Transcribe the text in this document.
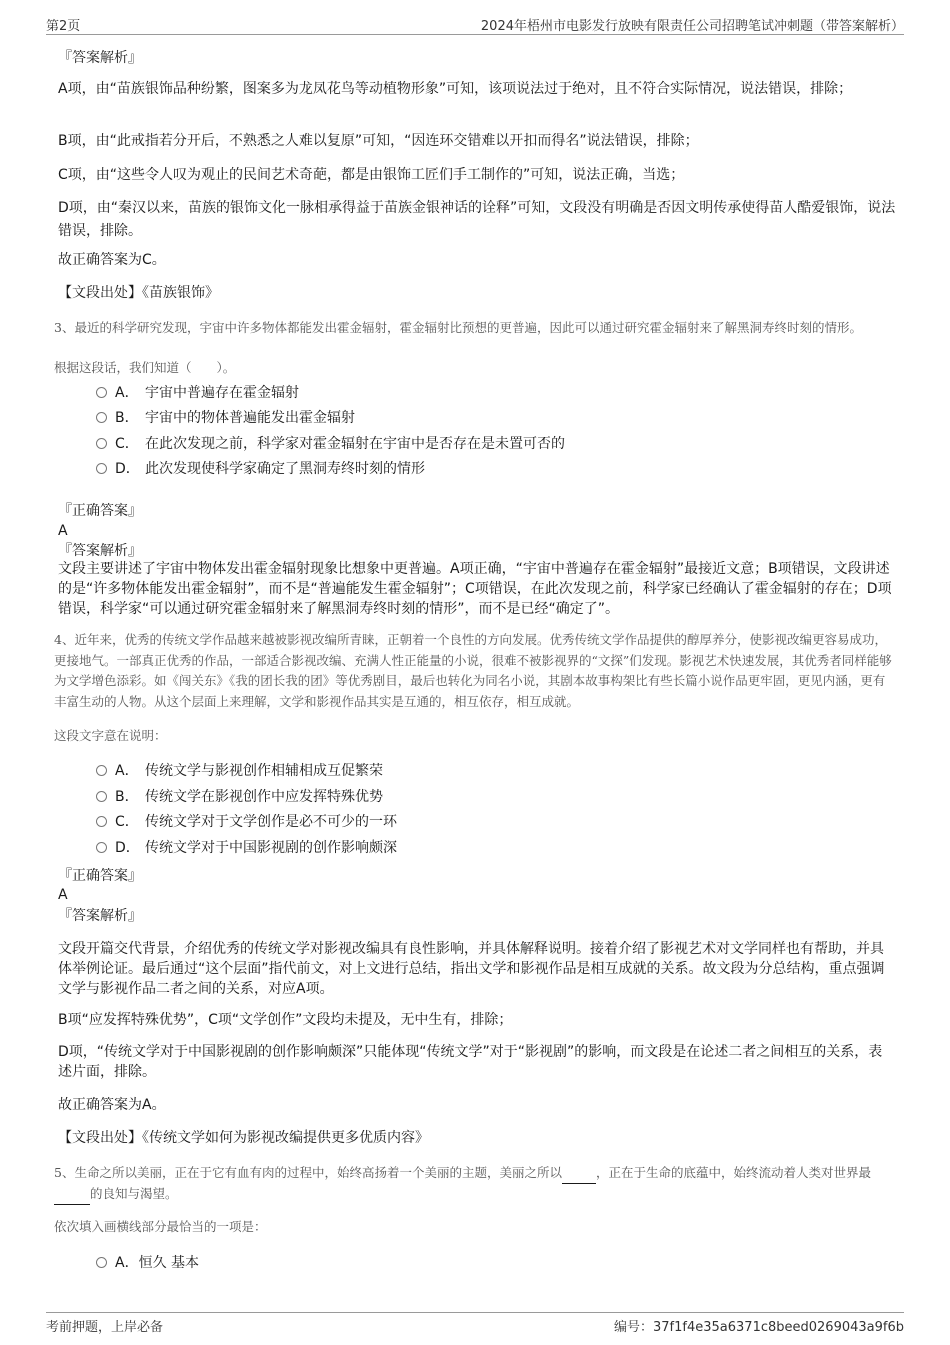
第2页	2024年梧州市电影发行放映有限责任公司招聘笔试冲刺题（带答案解析）
『答案解析』
A项，由“苗族银饰品种纷繁，图案多为龙凤花鸟等动植物形象”可知，该项说法过于绝对，且不符合实际情况，说法错误，排除；
B项，由“此戒指若分开后，不熟悉之人难以复原”可知，“因连环交错难以开扣而得名”说法错误，排除；
C项，由“这些令人叹为观止的民间艺术奇葩，都是由银饰工匠们手工制作的”可知，说法正确，当选；
D项，由“秦汉以来，苗族的银饰文化一脉相承得益于苗族金银神话的诠释”可知，文段没有明确是否因文明传承使得苗人酷爱银饰，说法错误，排除。
故正确答案为C。
【文段出处】《苗族银饰》
3、最近的科学研究发现，宇宙中许多物体都能发出霍金辐射，霍金辐射比预想的更普遍，因此可以通过研究霍金辐射来了解黑洞寿终时刻的情形。
根据这段话，我们知道（　　）。
A． 宇宙中普遍存在霍金辐射
B． 宇宙中的物体普遍能发出霍金辐射
C． 在此次发现之前，科学家对霍金辐射在宇宙中是否存在是未置可否的
D． 此次发现使科学家确定了黑洞寿终时刻的情形
『正确答案』
A
『答案解析』
文段主要讲述了宇宙中物体发出霍金辐射现象比想象中更普遍。A项正确，“宇宙中普遍存在霍金辐射”最接近文意；B项错误，文段讲述的是“许多物体能发出霍金辐射”，而不是“普遍能发生霍金辐射”；C项错误，在此次发现之前，科学家已经确认了霍金辐射的存在；D项错误，科学家“可以通过研究霍金辐射来了解黑洞寿终时刻的情形”，而不是已经“确定了”。
4、近年来，优秀的传统文学作品越来越被影视改编所青睐，正朝着一个良性的方向发展。优秀传统文学作品提供的醇厚养分，使影视改编更容易成功，更接地气。一部真正优秀的作品，一部适合影视改编、充满人性正能量的小说，很难不被影视界的“文探”们发现。影视艺术快速发展，其优秀者同样能够为文学增色添彩。如《闯关东》《我的团长我的团》等优秀剧目，最后也转化为同名小说，其剧本故事构架比有些长篇小说作品更牢固，更见内涵，更有丰富生动的人物。从这个层面上来理解，文学和影视作品其实是互通的，相互依存，相互成就。
这段文字意在说明：
A． 传统文学与影视创作相辅相成互促繁荣
B． 传统文学在影视创作中应发挥特殊优势
C． 传统文学对于文学创作是必不可少的一环
D． 传统文学对于中国影视剧的创作影响颇深
『正确答案』
A
『答案解析』
文段开篇交代背景，介绍优秀的传统文学对影视改编具有良性影响，并具体解释说明。接着介绍了影视艺术对文学同样也有帮助，并具体举例论证。最后通过“这个层面”指代前文，对上文进行总结，指出文学和影视作品是相互成就的关系。故文段为分总结构，重点强调文学与影视作品二者之间的关系，对应A项。
B项“应发挥特殊优势”，C项“文学创作”文段均未提及，无中生有，排除；
D项，“传统文学对于中国影视剧的创作影响颇深”只能体现“传统文学”对于“影视剧”的影响，而文段是在论述二者之间相互的关系，表述片面，排除。
故正确答案为A。
【文段出处】《传统文学如何为影视改编提供更多优质内容》
5、生命之所以美丽，正在于它有血有肉的过程中，始终高扬着一个美丽的主题，美丽之所以	，正在于生命的底蕴中，始终流动着人类对世界最 的良知与渴望。
依次填入画横线部分最恰当的一项是：
A．恒久 基本
考前押题，上岸必备	编号：37f1f4e35a6371c8beed0269043a9f6b
